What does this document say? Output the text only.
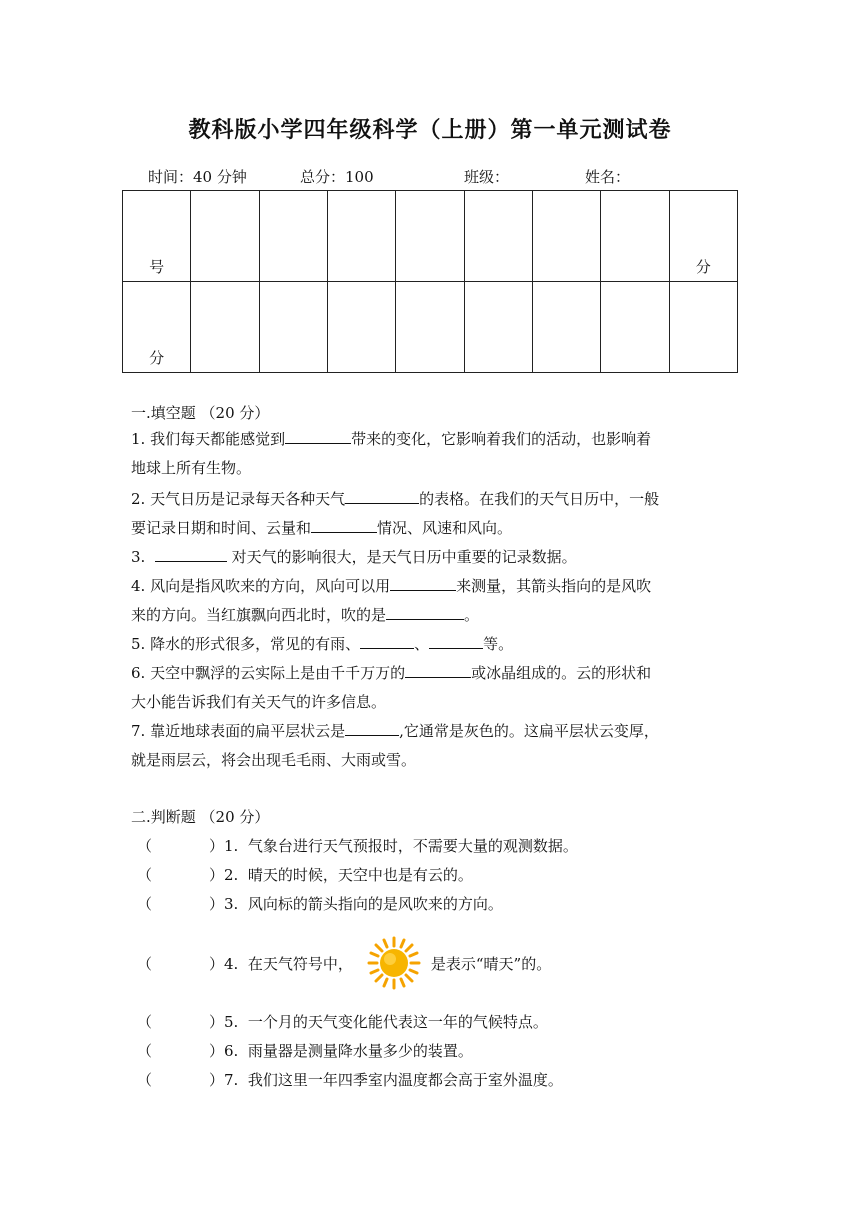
教科版小学四年级科学（上册）第一单元测试卷
时间：40 分钟	总分：100	班级：	姓名：
号								分
分								
一.填空题 （20 分）
1. 我们每天都能感觉到	带来的变化，它影响着我们的活动，也影响着
地球上所有生物。
2. 天气日历是记录每天各种天气	的表格。在我们的天气日历中，一般
要记录日期和时间、云量和	情况、风速和风向。
3.	对天气的影响很大，是天气日历中重要的记录数据。
4. 风向是指风吹来的方向，风向可以用	来测量，其箭头指向的是风吹
来的方向。当红旗飘向西北时，吹的是	。
5. 降水的形式很多，常见的有雨、	、	等。
6. 天空中飘浮的云实际上是由千千万万的	或冰晶组成的。云的形状和
大小能告诉我们有关天气的许多信息。
7. 靠近地球表面的扁平层状云是	,它通常是灰色的。这扁平层状云变厚，
就是雨层云，将会出现毛毛雨、大雨或雪。
二.判断题 （20 分）
（	）1. 气象台进行天气预报时，不需要大量的观测数据。
（	）2. 晴天的时候，天空中也是有云的。
（	）3. 风向标的箭头指向的是风吹来的方向。
（	）4. 在天气符号中，	是表示“晴天”的。
（	）5. 一个月的天气变化能代表这一年的气候特点。
（	）6. 雨量器是测量降水量多少的装置。
（	）7. 我们这里一年四季室内温度都会高于室外温度。
